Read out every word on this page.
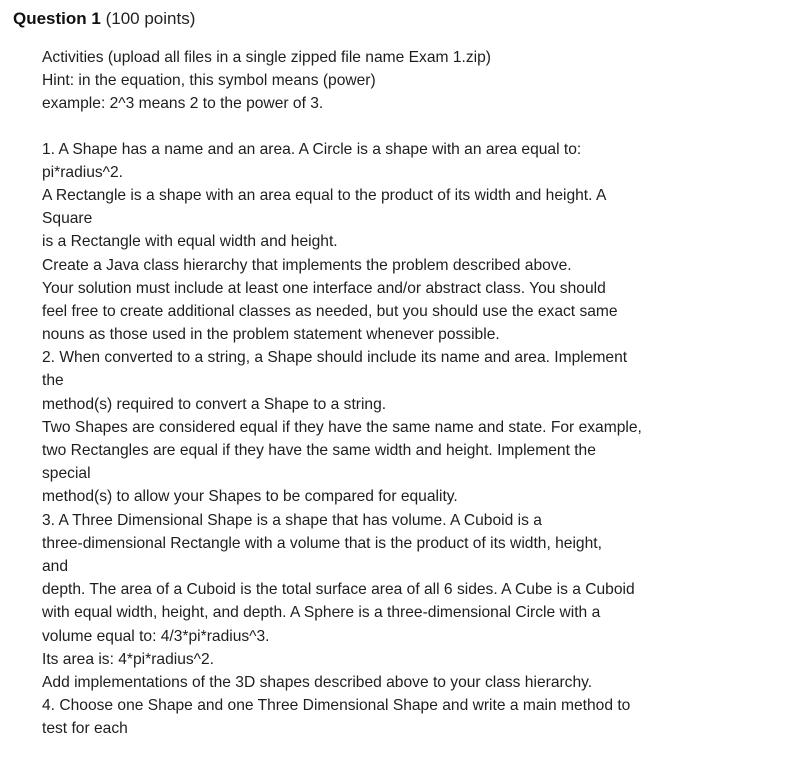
Question 1 (100 points)
Activities (upload all files in a single zipped file name Exam 1.zip)
Hint: in the equation, this symbol means (power)
example: 2^3 means 2 to the power of 3.
1. A Shape has a name and an area. A Circle is a shape with an area equal to:
pi*radius^2.
A Rectangle is a shape with an area equal to the product of its width and height. A
Square
is a Rectangle with equal width and height.
Create a Java class hierarchy that implements the problem described above.
Your solution must include at least one interface and/or abstract class. You should
feel free to create additional classes as needed, but you should use the exact same
nouns as those used in the problem statement whenever possible.
2. When converted to a string, a Shape should include its name and area. Implement
the
method(s) required to convert a Shape to a string.
Two Shapes are considered equal if they have the same name and state. For example,
two Rectangles are equal if they have the same width and height. Implement the
special
method(s) to allow your Shapes to be compared for equality.
3. A Three Dimensional Shape is a shape that has volume. A Cuboid is a
three-dimensional Rectangle with a volume that is the product of its width, height,
and
depth. The area of a Cuboid is the total surface area of all 6 sides. A Cube is a Cuboid
with equal width, height, and depth. A Sphere is a three-dimensional Circle with a
volume equal to: 4/3*pi*radius^3.
Its area is: 4*pi*radius^2.
Add implementations of the 3D shapes described above to your class hierarchy.
4. Choose one Shape and one Three Dimensional Shape and write a main method to
test for each
